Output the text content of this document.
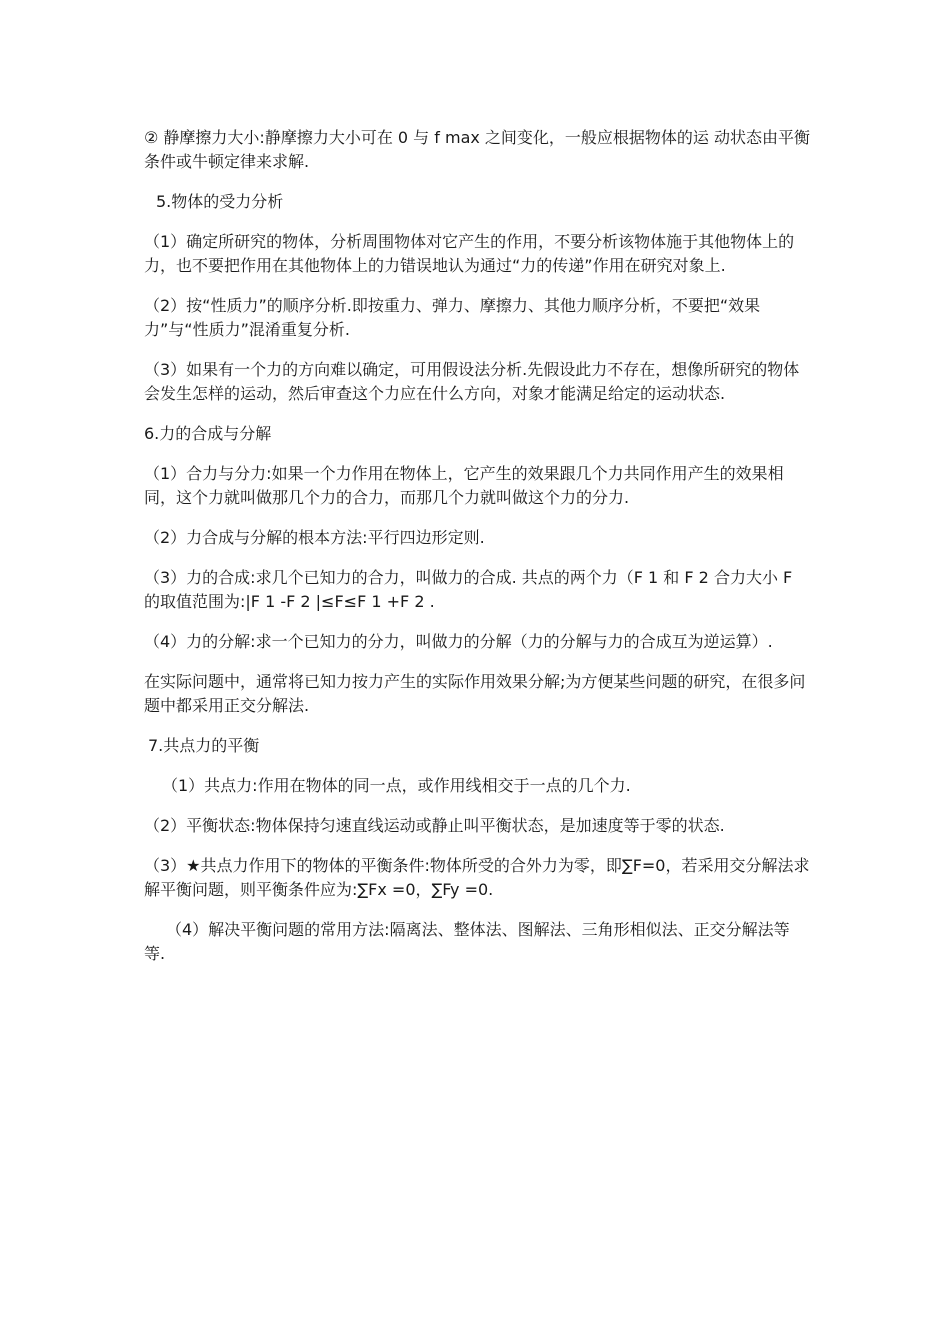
② 静摩擦力大小:静摩擦力大小可在 0 与 f max 之间变化，一般应根据物体的运 动状态由平衡条件或牛顿定律来求解.

5.物体的受力分析

（1）确定所研究的物体，分析周围物体对它产生的作用，不要分析该物体施于其他物体上的力，也不要把作用在其他物体上的力错误地认为通过“力的传递”作用在研究对象上.

（2）按“性质力”的顺序分析.即按重力、弹力、摩擦力、其他力顺序分析，不要把“效果力”与“性质力”混淆重复分析.

（3）如果有一个力的方向难以确定，可用假设法分析.先假设此力不存在，想像所研究的物体会发生怎样的运动，然后审查这个力应在什么方向，对象才能满足给定的运动状态.

6.力的合成与分解

（1）合力与分力:如果一个力作用在物体上，它产生的效果跟几个力共同作用产生的效果相同，这个力就叫做那几个力的合力，而那几个力就叫做这个力的分力.

（2）力合成与分解的根本方法:平行四边形定则.

（3）力的合成:求几个已知力的合力，叫做力的合成. 共点的两个力（F 1 和 F 2 合力大小 F 的取值范围为:|F 1 -F 2 |≤F≤F 1 +F 2 .

（4）力的分解:求一个已知力的分力，叫做力的分解（力的分解与力的合成互为逆运算）.

在实际问题中，通常将已知力按力产生的实际作用效果分解;为方便某些问题的研究，在很多问题中都采用正交分解法.

7.共点力的平衡

（1）共点力:作用在物体的同一点，或作用线相交于一点的几个力.

（2）平衡状态:物体保持匀速直线运动或静止叫平衡状态，是加速度等于零的状态.

（3）★共点力作用下的物体的平衡条件:物体所受的合外力为零，即∑F=0，若采用交分解法求解平衡问题，则平衡条件应为:∑Fx =0，∑Fy =0.

（4）解决平衡问题的常用方法:隔离法、整体法、图解法、三角形相似法、正交分解法等等.
